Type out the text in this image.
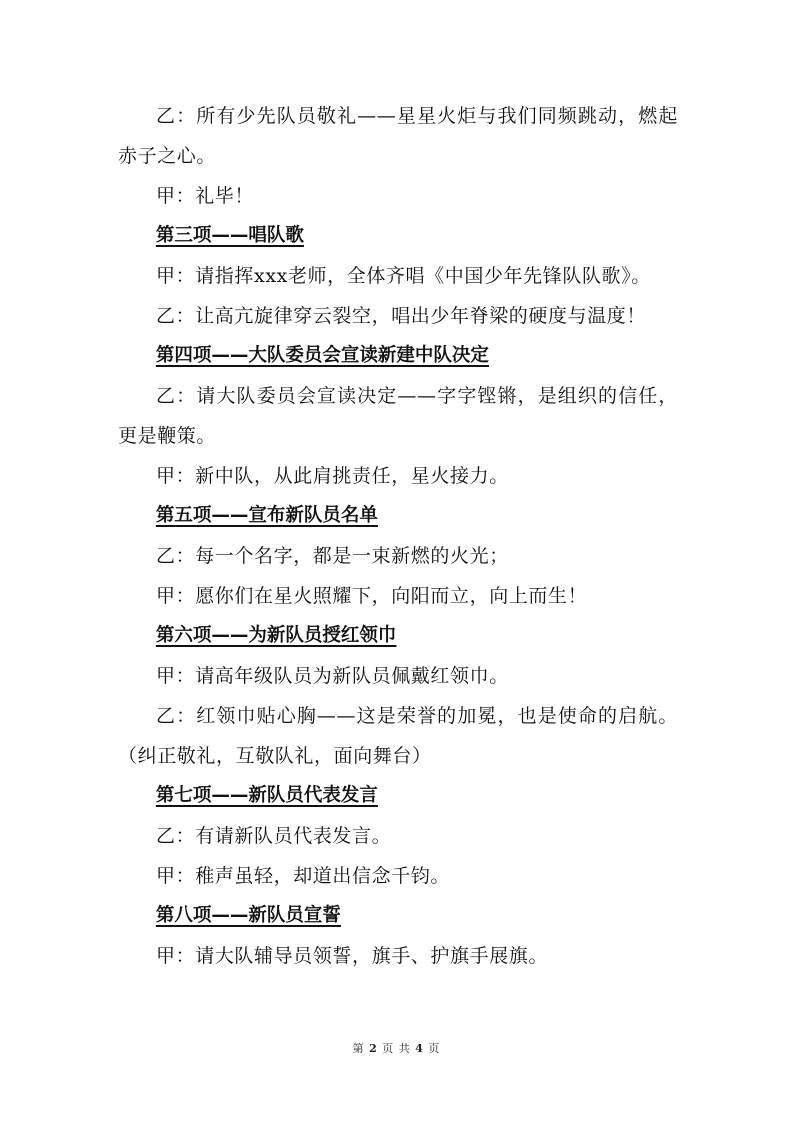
乙：所有少先队员敬礼——星星火炬与我们同频跳动，燃起赤子之心。

甲：礼毕！

第三项——唱队歌

甲：请指挥xxx老师，全体齐唱《中国少年先锋队队歌》。

乙：让高亢旋律穿云裂空，唱出少年脊梁的硬度与温度！

第四项——大队委员会宣读新建中队决定

乙：请大队委员会宣读决定——字字铿锵，是组织的信任，更是鞭策。

甲：新中队，从此肩挑责任，星火接力。

第五项——宣布新队员名单

乙：每一个名字，都是一束新燃的火光；

甲：愿你们在星火照耀下，向阳而立，向上而生！

第六项——为新队员授红领巾

甲：请高年级队员为新队员佩戴红领巾。

乙：红领巾贴心胸——这是荣誉的加冕，也是使命的启航。（纠正敬礼，互敬队礼，面向舞台）

第七项——新队员代表发言

乙：有请新队员代表发言。

甲：稚声虽轻，却道出信念千钧。

第八项——新队员宣誓

甲：请大队辅导员领誓，旗手、护旗手展旗。

第 2 页 共 4 页
